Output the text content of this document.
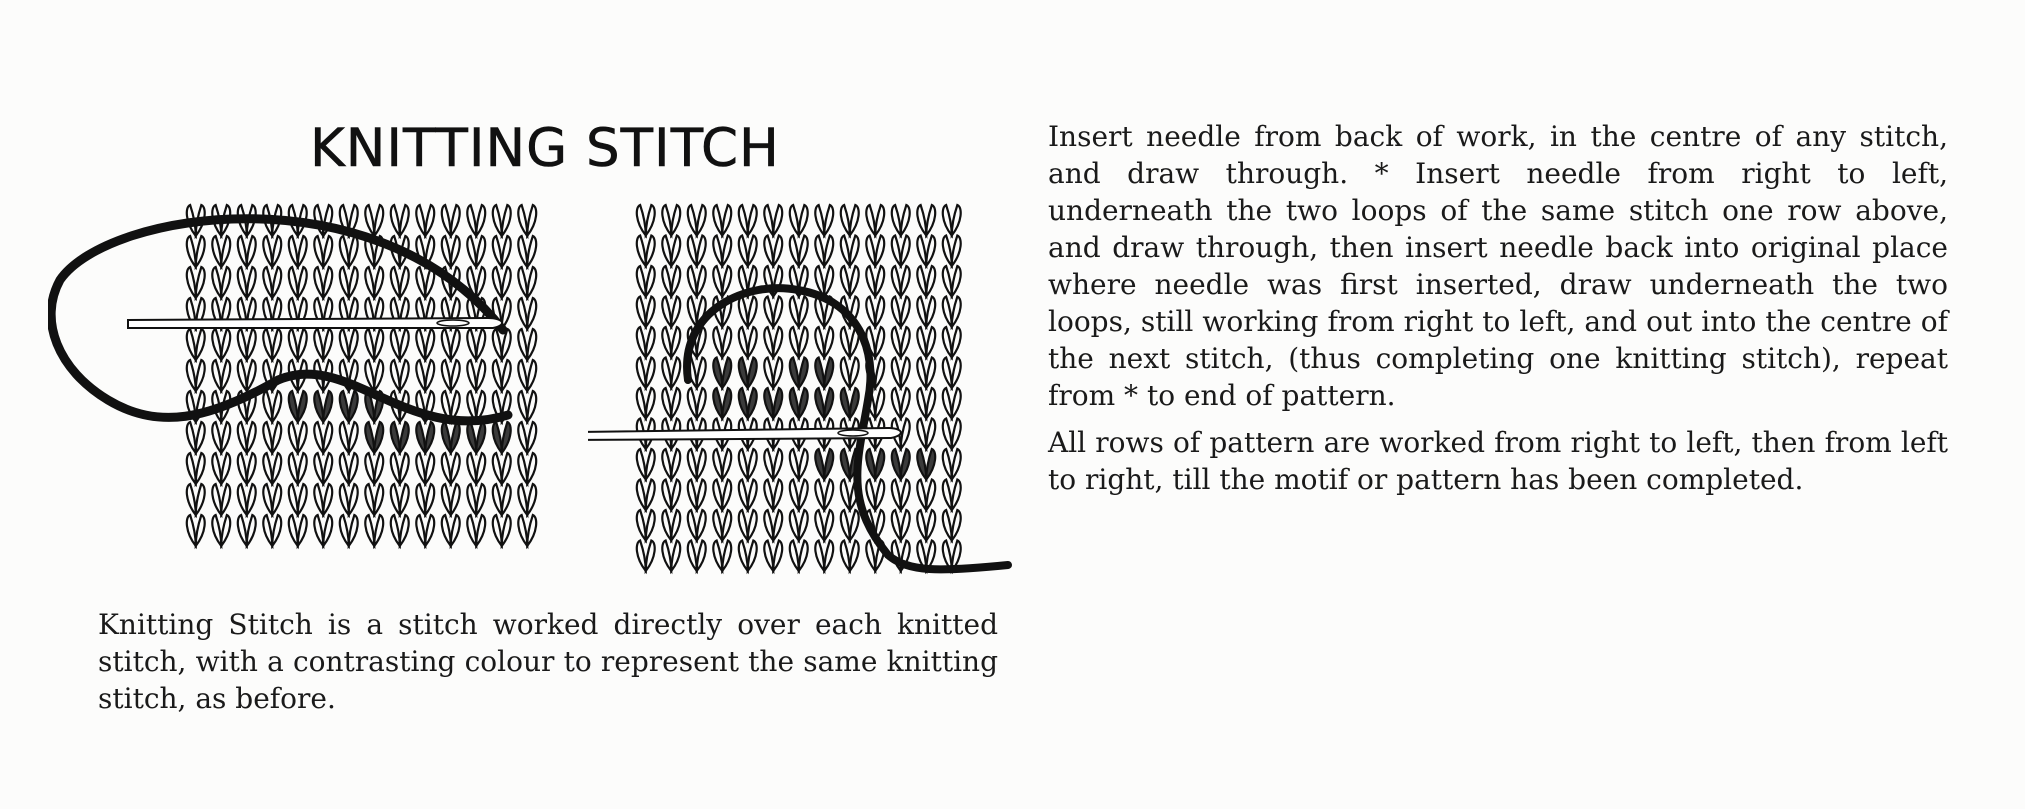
KNITTING STITCH

Knitting Stitch is a stitch worked directly over each knitted stitch, with a contrasting colour to represent the same knitting stitch, as before.

Insert needle from back of work, in the centre of any stitch, and draw through. * Insert needle from right to left, underneath the two loops of the same stitch one row above, and draw through, then insert needle back into original place where needle was first inserted, draw underneath the two loops, still working from right to left, and out into the centre of the next stitch, (thus completing one knitting stitch), repeat from * to end of pattern.

All rows of pattern are worked from right to left, then from left to right, till the motif or pattern has been completed.
